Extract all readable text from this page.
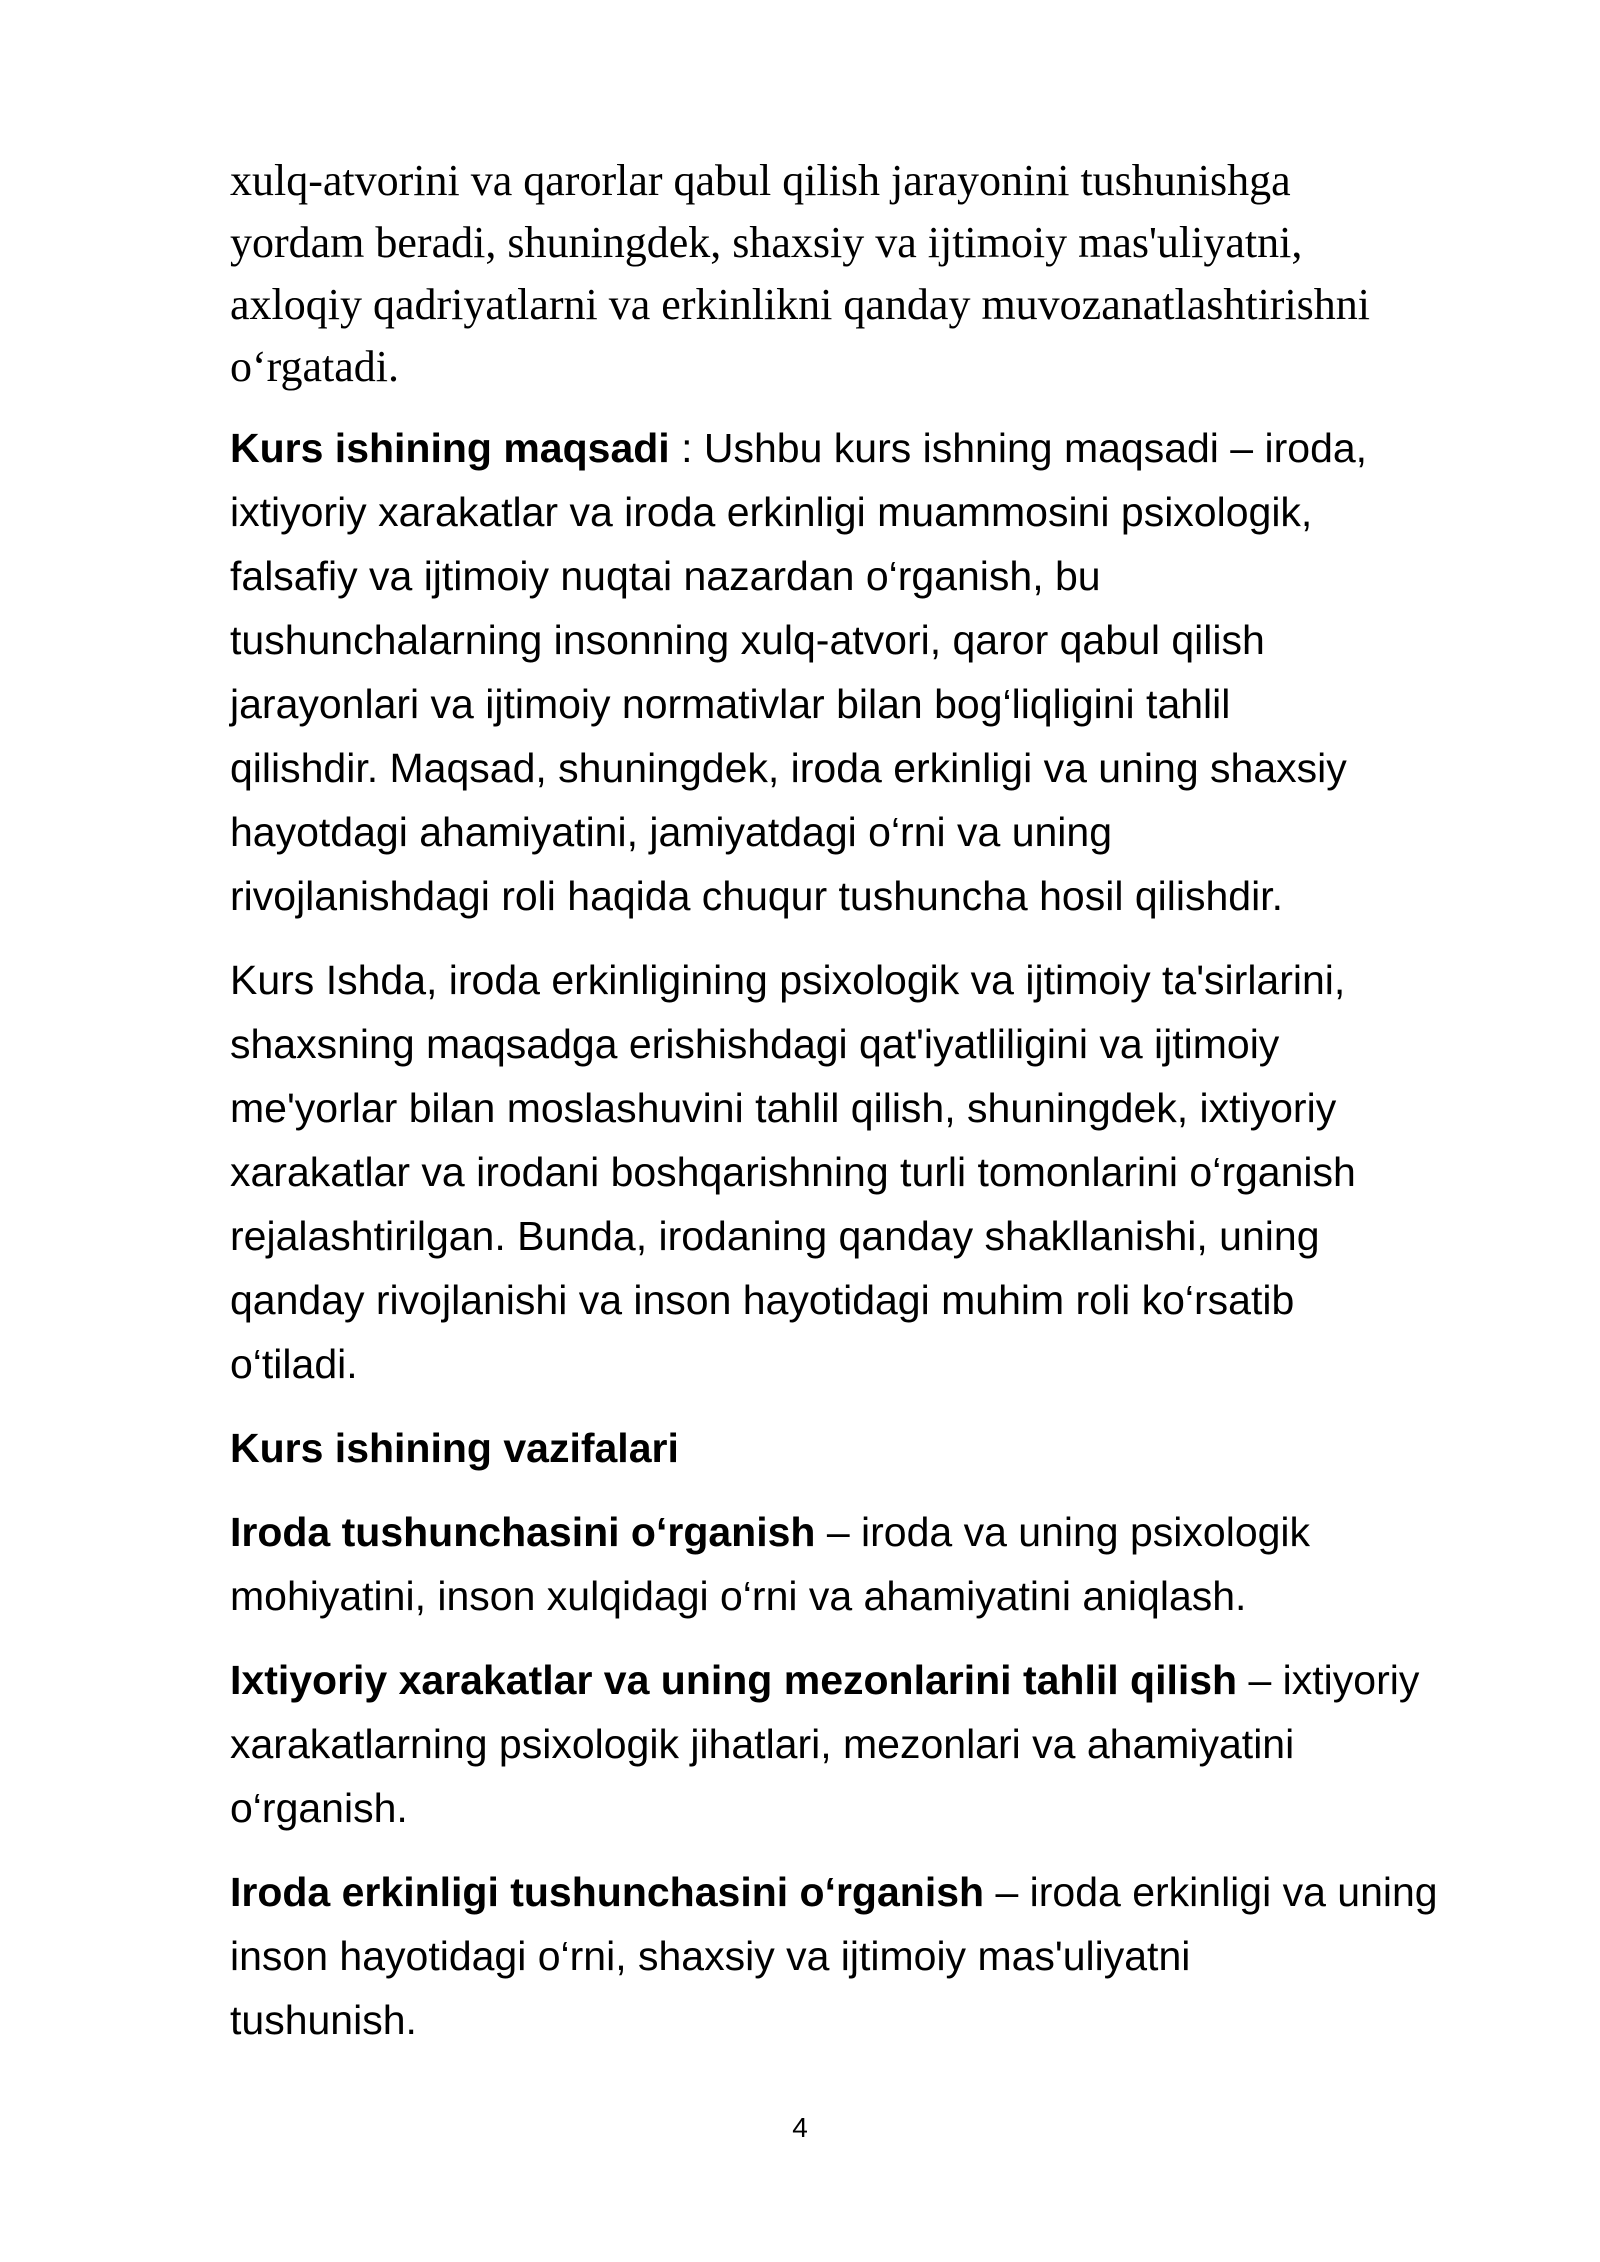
xulq-atvorini va qarorlar qabul qilish jarayonini tushunishga
yordam beradi, shuningdek, shaxsiy va ijtimoiy mas'uliyatni,
axloqiy qadriyatlarni va erkinlikni qanday muvozanatlashtirishni
o‘rgatadi.

Kurs ishining maqsadi : Ushbu kurs ishning maqsadi – iroda,
ixtiyoriy xarakatlar va iroda erkinligi muammosini psixologik,
falsafiy va ijtimoiy nuqtai nazardan o‘rganish, bu
tushunchalarning insonning xulq-atvori, qaror qabul qilish
jarayonlari va ijtimoiy normativlar bilan bog‘liqligini tahlil
qilishdir. Maqsad, shuningdek, iroda erkinligi va uning shaxsiy
hayotdagi ahamiyatini, jamiyatdagi o‘rni va uning
rivojlanishdagi roli haqida chuqur tushuncha hosil qilishdir.

Kurs Ishda, iroda erkinligining psixologik va ijtimoiy ta'sirlarini,
shaxsning maqsadga erishishdagi qat'iyatliligini va ijtimoiy
me'yorlar bilan moslashuvini tahlil qilish, shuningdek, ixtiyoriy
xarakatlar va irodani boshqarishning turli tomonlarini o‘rganish
rejalashtirilgan. Bunda, irodaning qanday shakllanishi, uning
qanday rivojlanishi va inson hayotidagi muhim roli ko‘rsatib
o‘tiladi.

Kurs ishining vazifalari

Iroda tushunchasini o‘rganish – iroda va uning psixologik
mohiyatini, inson xulqidagi o‘rni va ahamiyatini aniqlash.

Ixtiyoriy xarakatlar va uning mezonlarini tahlil qilish – ixtiyoriy
xarakatlarning psixologik jihatlari, mezonlari va ahamiyatini
o‘rganish.

Iroda erkinligi tushunchasini o‘rganish – iroda erkinligi va uning
inson hayotidagi o‘rni, shaxsiy va ijtimoiy mas'uliyatni
tushunish.

4
